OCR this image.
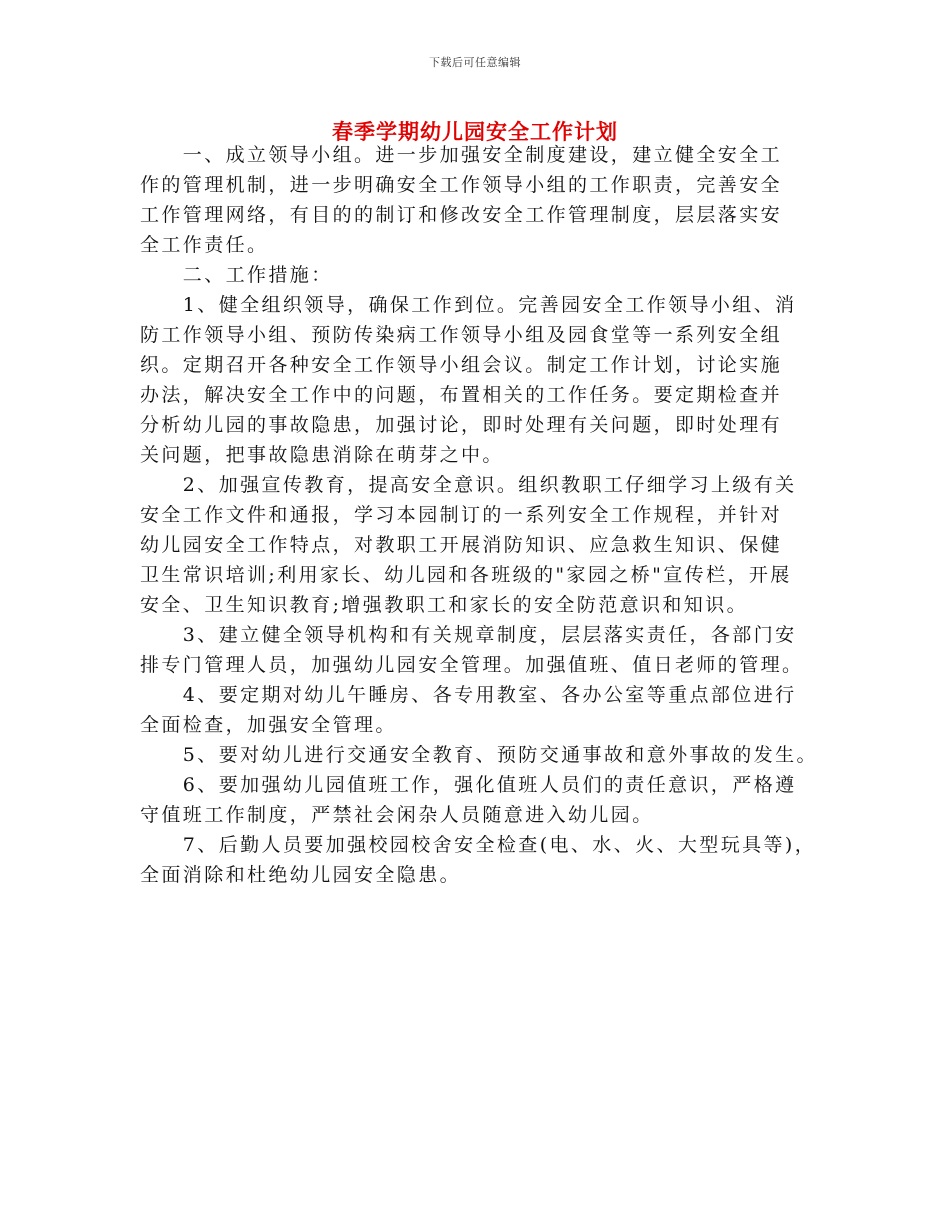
下载后可任意编辑
春季学期幼儿园安全工作计划
　　一、成立领导小组。进一步加强安全制度建设，建立健全安全工
作的管理机制，进一步明确安全工作领导小组的工作职责，完善安全
工作管理网络，有目的的制订和修改安全工作管理制度，层层落实安
全工作责任。
　　二、工作措施：
　　1、健全组织领导，确保工作到位。完善园安全工作领导小组、消
防工作领导小组、预防传染病工作领导小组及园食堂等一系列安全组
织。定期召开各种安全工作领导小组会议。制定工作计划，讨论实施
办法，解决安全工作中的问题，布置相关的工作任务。要定期检查并
分析幼儿园的事故隐患，加强讨论，即时处理有关问题，即时处理有
关问题，把事故隐患消除在萌芽之中。
　　2、加强宣传教育，提高安全意识。组织教职工仔细学习上级有关
安全工作文件和通报，学习本园制订的一系列安全工作规程，并针对
幼儿园安全工作特点，对教职工开展消防知识、应急救生知识、保健
卫生常识培训;利用家长、幼儿园和各班级的"家园之桥"宣传栏，开展
安全、卫生知识教育;增强教职工和家长的安全防范意识和知识。
　　3、建立健全领导机构和有关规章制度，层层落实责任，各部门安
排专门管理人员，加强幼儿园安全管理。加强值班、值日老师的管理。
　　4、要定期对幼儿午睡房、各专用教室、各办公室等重点部位进行
全面检查，加强安全管理。
　　5、要对幼儿进行交通安全教育、预防交通事故和意外事故的发生。
　　6、要加强幼儿园值班工作，强化值班人员们的责任意识，严格遵
守值班工作制度，严禁社会闲杂人员随意进入幼儿园。
　　7、后勤人员要加强校园校舍安全检查(电、水、火、大型玩具等)，
全面消除和杜绝幼儿园安全隐患。
